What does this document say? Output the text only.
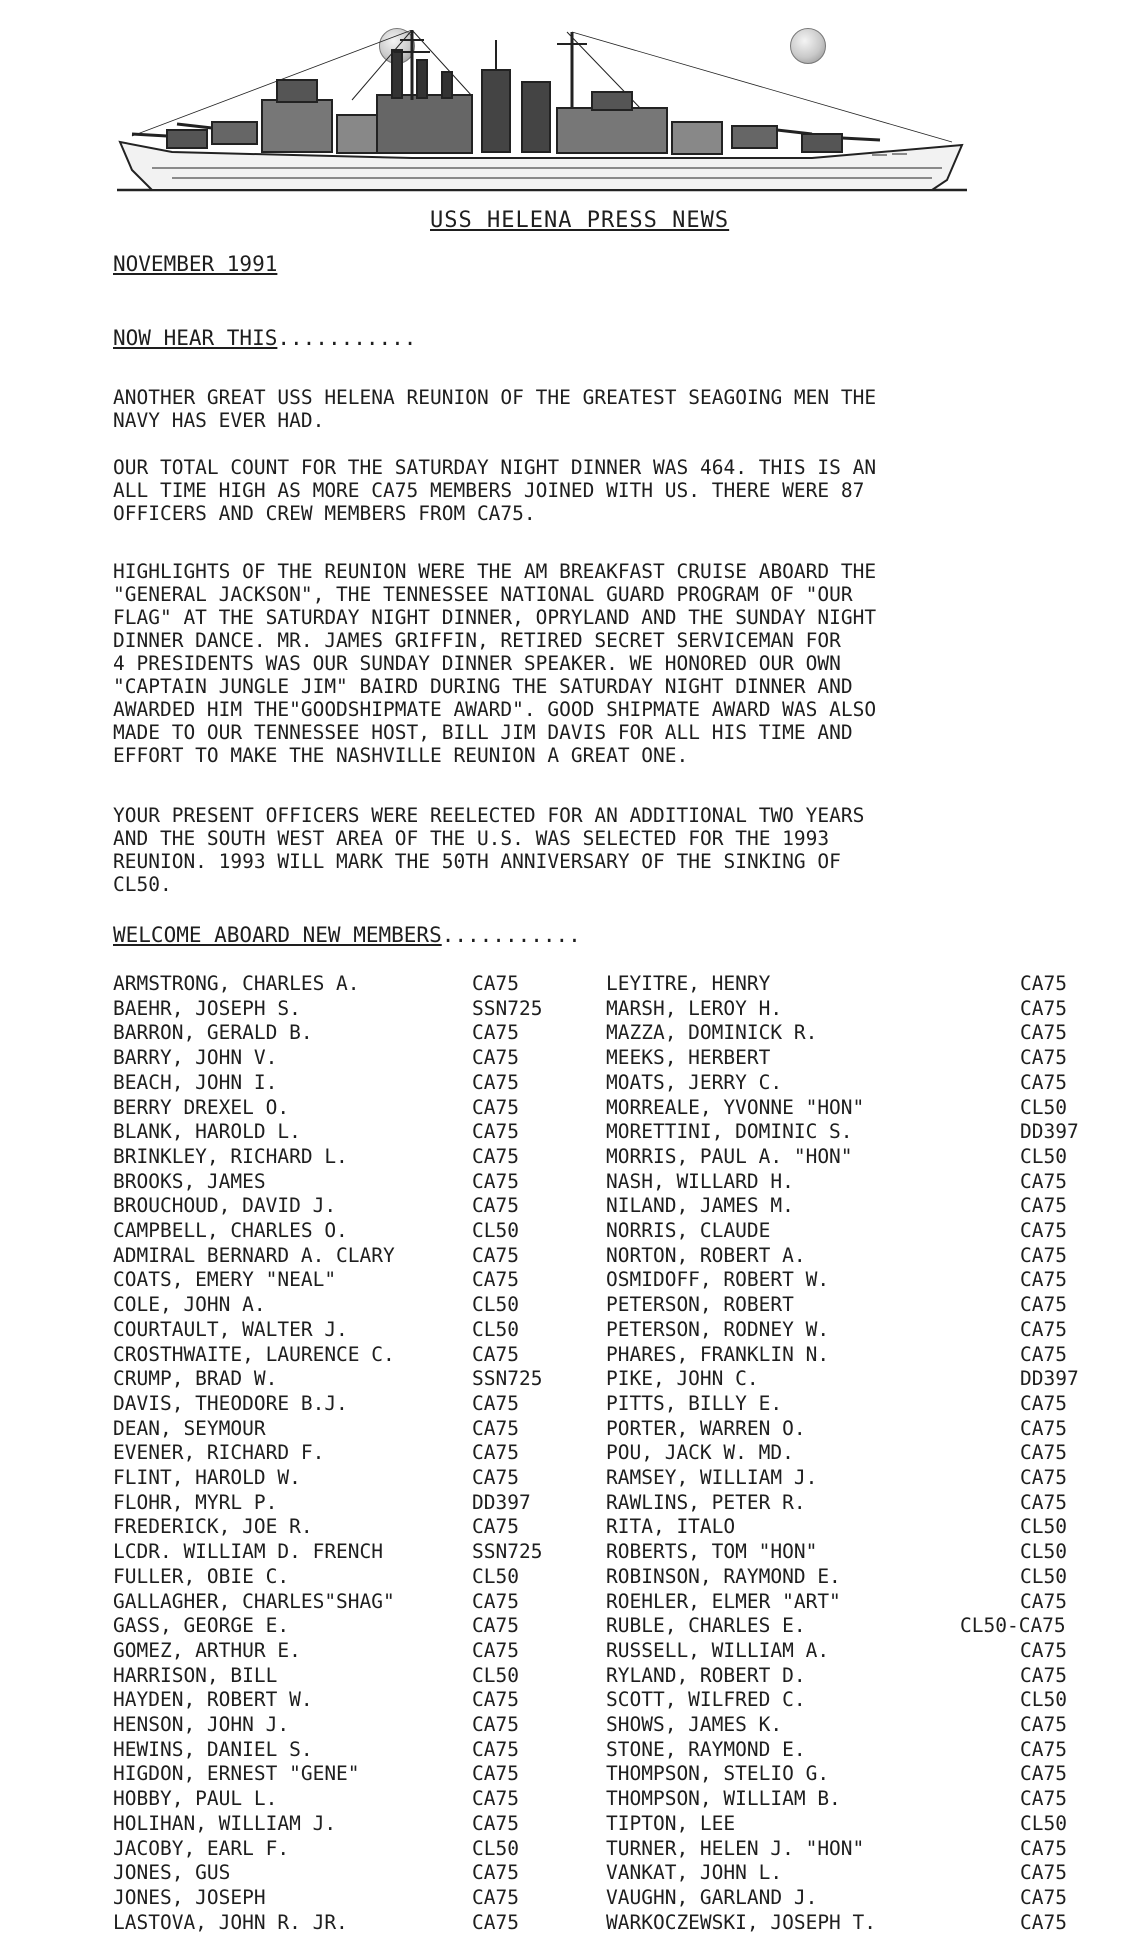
USS HELENA PRESS NEWS
NOVEMBER 1991
NOW HEAR THIS...........

ANOTHER GREAT USS HELENA REUNION OF THE GREATEST SEAGOING MEN THE
NAVY HAS EVER HAD.

OUR TOTAL COUNT FOR THE SATURDAY NIGHT DINNER WAS 464. THIS IS AN
ALL TIME HIGH AS MORE CA75 MEMBERS JOINED WITH US. THERE WERE 87
OFFICERS AND CREW MEMBERS FROM CA75.

HIGHLIGHTS OF THE REUNION WERE THE AM BREAKFAST CRUISE ABOARD THE
"GENERAL JACKSON", THE TENNESSEE NATIONAL GUARD PROGRAM OF "OUR
FLAG" AT THE SATURDAY NIGHT DINNER, OPRYLAND AND THE SUNDAY NIGHT
DINNER DANCE. MR. JAMES GRIFFIN, RETIRED SECRET SERVICEMAN FOR
4 PRESIDENTS WAS OUR SUNDAY DINNER SPEAKER. WE HONORED OUR OWN
"CAPTAIN JUNGLE JIM" BAIRD DURING THE SATURDAY NIGHT DINNER AND
AWARDED HIM THE"GOODSHIPMATE AWARD". GOOD SHIPMATE AWARD WAS ALSO
MADE TO OUR TENNESSEE HOST, BILL JIM DAVIS FOR ALL HIS TIME AND
EFFORT TO MAKE THE NASHVILLE REUNION A GREAT ONE.

YOUR PRESENT OFFICERS WERE REELECTED FOR AN ADDITIONAL TWO YEARS
AND THE SOUTH WEST AREA OF THE U.S. WAS SELECTED FOR THE 1993
REUNION. 1993 WILL MARK THE 50TH ANNIVERSARY OF THE SINKING OF
CL50.

WELCOME ABOARD NEW MEMBERS...........
ARMSTRONG, CHARLES A.	CA75
BAEHR, JOSEPH S.	SSN725
BARRON, GERALD B.	CA75
BARRY, JOHN V.	CA75
BEACH, JOHN I.	CA75
BERRY DREXEL O.	CA75
BLANK, HAROLD L.	CA75
BRINKLEY, RICHARD L.	CA75
BROOKS, JAMES	CA75
BROUCHOUD, DAVID J.	CA75
CAMPBELL, CHARLES O.	CL50
ADMIRAL BERNARD A. CLARY	CA75
COATS, EMERY "NEAL"	CA75
COLE, JOHN A.	CL50
COURTAULT, WALTER J.	CL50
CROSTHWAITE, LAURENCE C.	CA75
CRUMP, BRAD W.	SSN725
DAVIS, THEODORE B.J.	CA75
DEAN, SEYMOUR	CA75
EVENER, RICHARD F.	CA75
FLINT, HAROLD W.	CA75
FLOHR, MYRL P.	DD397
FREDERICK, JOE R.	CA75
LCDR. WILLIAM D. FRENCH	SSN725
FULLER, OBIE C.	CL50
GALLAGHER, CHARLES"SHAG"	CA75
GASS, GEORGE E.	CA75
GOMEZ, ARTHUR E.	CA75
HARRISON, BILL	CL50
HAYDEN, ROBERT W.	CA75
HENSON, JOHN J.	CA75
HEWINS, DANIEL S.	CA75
HIGDON, ERNEST "GENE"	CA75
HOBBY, PAUL L.	CA75
HOLIHAN, WILLIAM J.	CA75
JACOBY, EARL F.	CL50
JONES, GUS	CA75
JONES, JOSEPH	CA75
LASTOVA, JOHN R. JR.	CA75
LEYITRE, HENRY	CA75
MARSH, LEROY H.	CA75
MAZZA, DOMINICK R.	CA75
MEEKS, HERBERT	CA75
MOATS, JERRY C.	CA75
MORREALE, YVONNE "HON"	CL50
MORETTINI, DOMINIC S.	DD397
MORRIS, PAUL A. "HON"	CL50
NASH, WILLARD H.	CA75
NILAND, JAMES M.	CA75
NORRIS, CLAUDE	CA75
NORTON, ROBERT A.	CA75
OSMIDOFF, ROBERT W.	CA75
PETERSON, ROBERT	CA75
PETERSON, RODNEY W.	CA75
PHARES, FRANKLIN N.	CA75
PIKE, JOHN C.	DD397
PITTS, BILLY E.	CA75
PORTER, WARREN O.	CA75
POU, JACK W. MD.	CA75
RAMSEY, WILLIAM J.	CA75
RAWLINS, PETER R.	CA75
RITA, ITALO	CL50
ROBERTS, TOM "HON"	CL50
ROBINSON, RAYMOND E.	CL50
ROEHLER, ELMER "ART"	CA75
RUBLE, CHARLES E.	CL50-CA75
RUSSELL, WILLIAM A.	CA75
RYLAND, ROBERT D.	CA75
SCOTT, WILFRED C.	CL50
SHOWS, JAMES K.	CA75
STONE, RAYMOND E.	CA75
THOMPSON, STELIO G.	CA75
THOMPSON, WILLIAM B.	CA75
TIPTON, LEE	CL50
TURNER, HELEN J. "HON"	CA75
VANKAT, JOHN L.	CA75
VAUGHN, GARLAND J.	CA75
WARKOCZEWSKI, JOSEPH T.	CA75
